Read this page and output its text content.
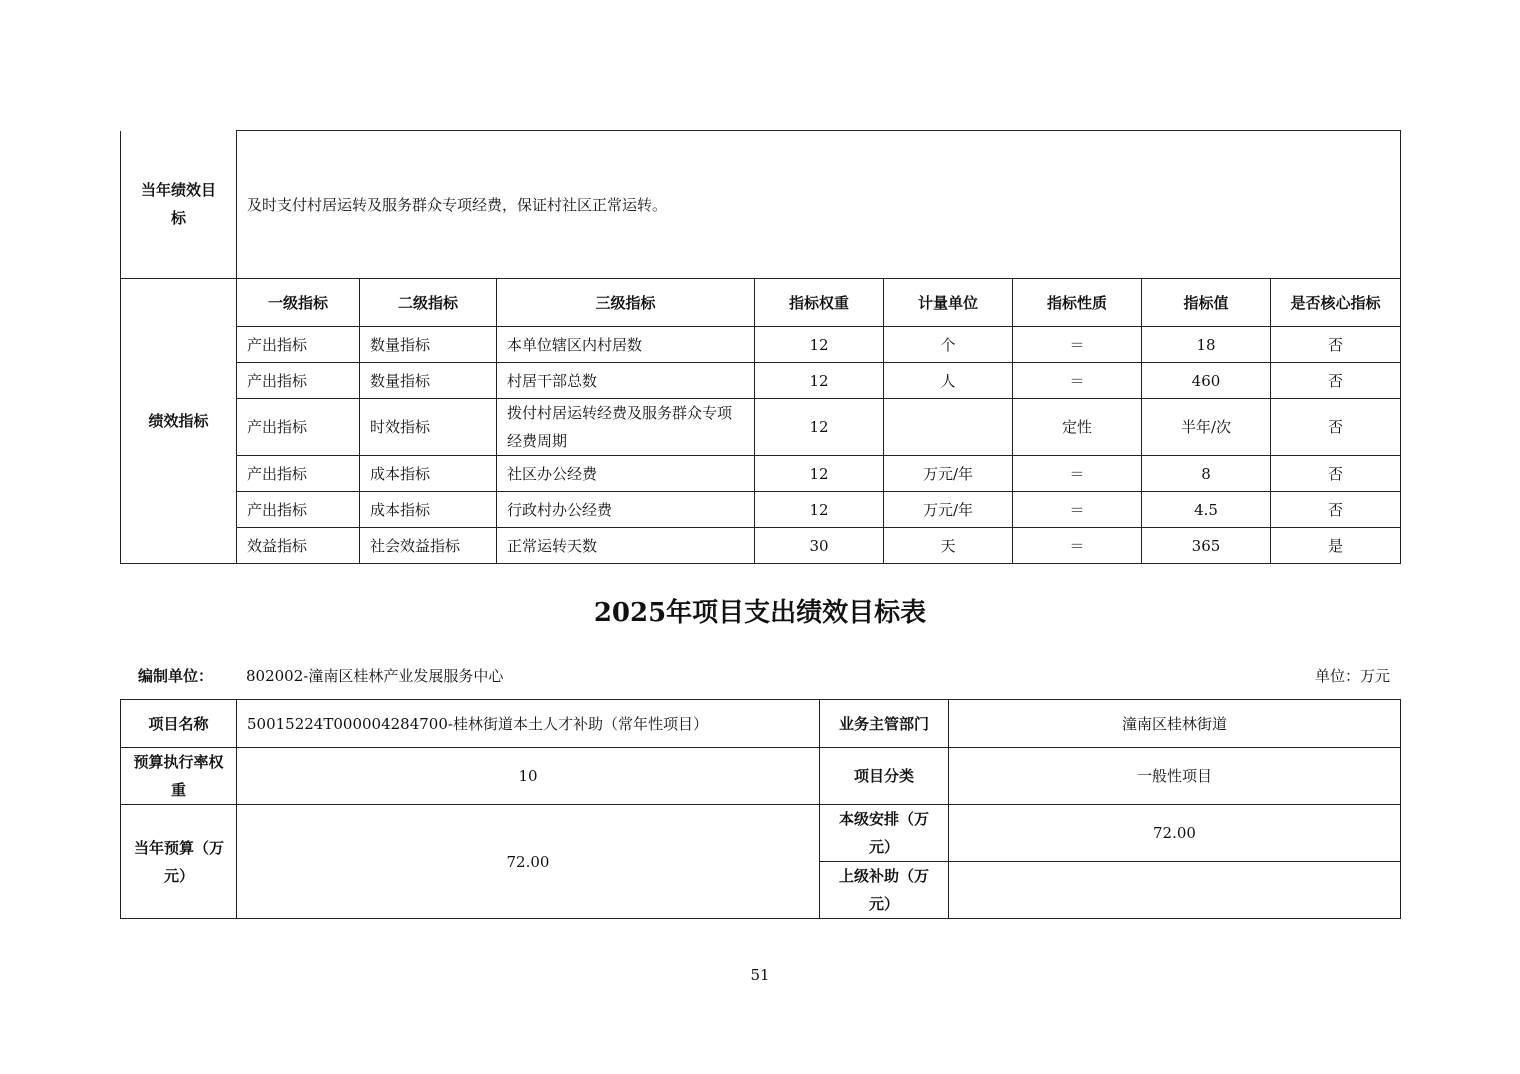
当年绩效目标	及时支付村居运转及服务群众专项经费，保证村社区正常运转。							
绩效指标	一级指标	二级指标	三级指标	指标权重	计量单位	指标性质	指标值	是否核心指标
	产出指标	数量指标	本单位辖区内村居数	12	个	＝	18	否
	产出指标	数量指标	村居干部总数	12	人	＝	460	否
	产出指标	时效指标	拨付村居运转经费及服务群众专项经费周期	12		定性	半年/次	否
	产出指标	成本指标	社区办公经费	12	万元/年	＝	8	否
	产出指标	成本指标	行政村办公经费	12	万元/年	＝	4.5	否
	效益指标	社会效益指标	正常运转天数	30	天	＝	365	是
2025年项目支出绩效目标表
编制单位： 802002-潼南区桂林产业发展服务中心	单位：万元
项目名称	50015224T000004284700-桂林街道本土人才补助（常年性项目）	业务主管部门	潼南区桂林街道
预算执行率权重	10	项目分类	一般性项目
当年预算（万元）	72.00	本级安排（万元）	72.00
		上级补助（万元）	
51
